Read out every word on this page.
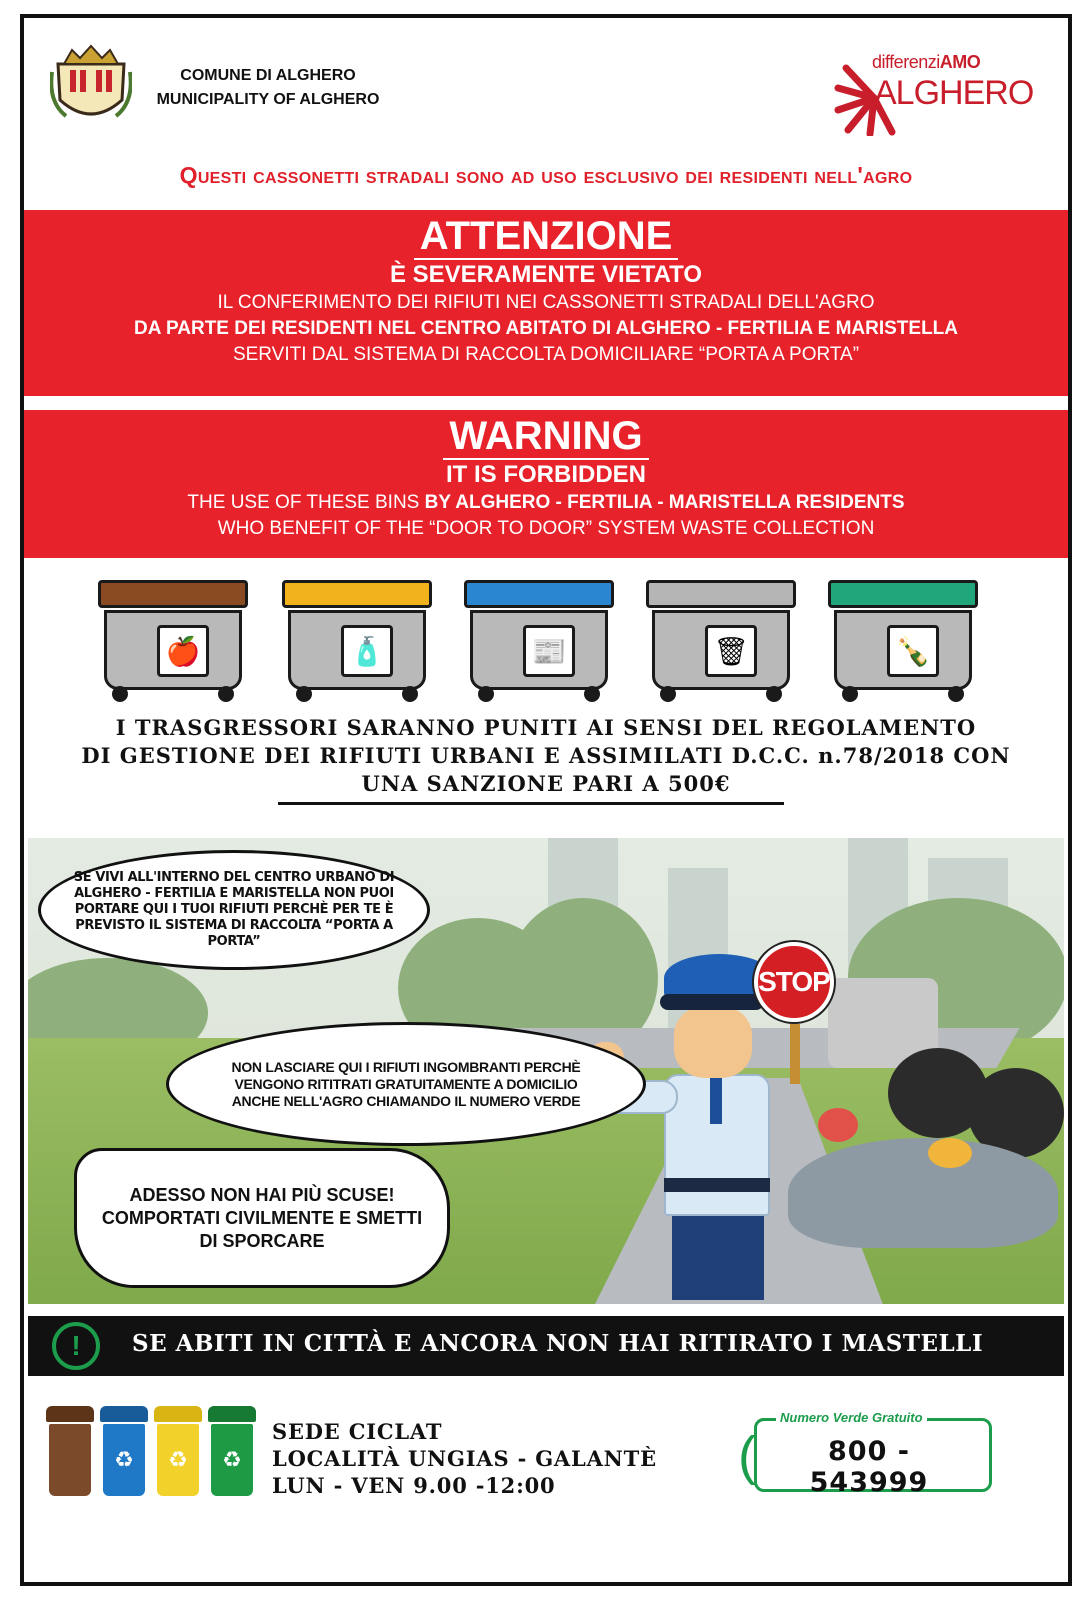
COMUNE DI ALGHERO
MUNICIPALITY OF ALGHERO
differenziAMO
ALGHERO
Questi cassonetti stradali sono ad uso esclusivo dei residenti nell'agro
ATTENZIONE
È SEVERAMENTE VIETATO
IL CONFERIMENTO DEI RIFIUTI NEI CASSONETTI STRADALI DELL'AGRO
DA PARTE DEI RESIDENTI NEL CENTRO ABITATO DI ALGHERO - FERTILIA E MARISTELLA
SERVITI DAL SISTEMA DI RACCOLTA DOMICILIARE “PORTA A PORTA”
WARNING
IT IS FORBIDDEN
THE USE OF THESE BINS BY ALGHERO - FERTILIA - MARISTELLA RESIDENTS
WHO BENEFIT OF THE “DOOR TO DOOR” SYSTEM WASTE COLLECTION
🍎	🧴	📰	🗑	🍾
I TRASGRESSORI SARANNO PUNITI AI SENSI DEL REGOLAMENTO
DI GESTIONE DEI RIFIUTI URBANI E ASSIMILATI D.C.C. n.78/2018 CON
UNA SANZIONE PARI A 500€
STOP
SE VIVI ALL'INTERNO DEL CENTRO URBANO DI ALGHERO - FERTILIA E MARISTELLA NON PUOI PORTARE QUI I TUOI RIFIUTI PERCHÈ PER TE È PREVISTO IL SISTEMA DI RACCOLTA “PORTA A PORTA”
NON LASCIARE QUI I RIFIUTI INGOMBRANTI PERCHÈ VENGONO RITITRATI GRATUITAMENTE A DOMICILIO ANCHE NELL'AGRO CHIAMANDO IL NUMERO VERDE
ADESSO NON HAI PIÙ SCUSE! COMPORTATI CIVILMENTE E SMETTI DI SPORCARE
!	SE ABITI IN CITTÀ E ANCORA NON HAI RITIRATO I MASTELLI
♻	♻	♻
SEDE CICLAT
LOCALITÀ UNGIAS - GALANTÈ
LUN - VEN 9.00 -12:00	(
Numero Verde Gratuito
800 - 543999
